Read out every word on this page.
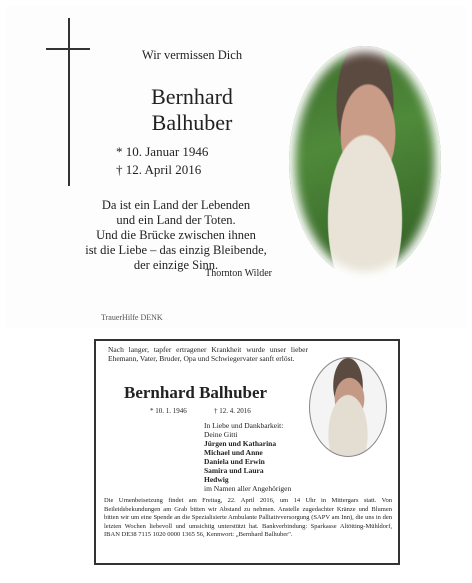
Wir vermissen Dich
Bernhard
Balhuber
* 10. Januar 1946
† 12. April 2016
Da ist ein Land der Lebenden
und ein Land der Toten.
Und die Brücke zwischen ihnen
ist die Liebe – das einzig Bleibende,
der einzige Sinn.
Thornton Wilder
TrauerHilfe DENK
Nach langer, tapfer ertragener Krankheit wurde unser lieber Ehemann, Vater, Bruder, Opa und Schwiegervater sanft erlöst.
Bernhard Balhuber
* 10. 1. 1946	† 12. 4. 2016
In Liebe und Dankbarkeit:
Deine Gitti
Jürgen und Katharina
Michael und Anne
Daniela und Erwin
Samira und Laura
Hedwig
im Namen aller Angehörigen
Die Urnenbeisetzung findet am Freitag, 22. April 2016, um 14 Uhr in Mittergars statt. Von Beileidsbekundungen am Grab bitten wir Abstand zu nehmen. Anstelle zugedachter Kränze und Blumen bitten wir um eine Spende an die Spezialisierte Ambulante Palliativversorgung (SAPV am Inn), die uns in den letzten Wochen liebevoll und umsichtig unterstützt hat. Bankverbindung: Sparkasse Altötting-Mühldorf, IBAN DE38 7115 1020 0000 1365 56, Kennwort: „Bernhard Balhuber".
